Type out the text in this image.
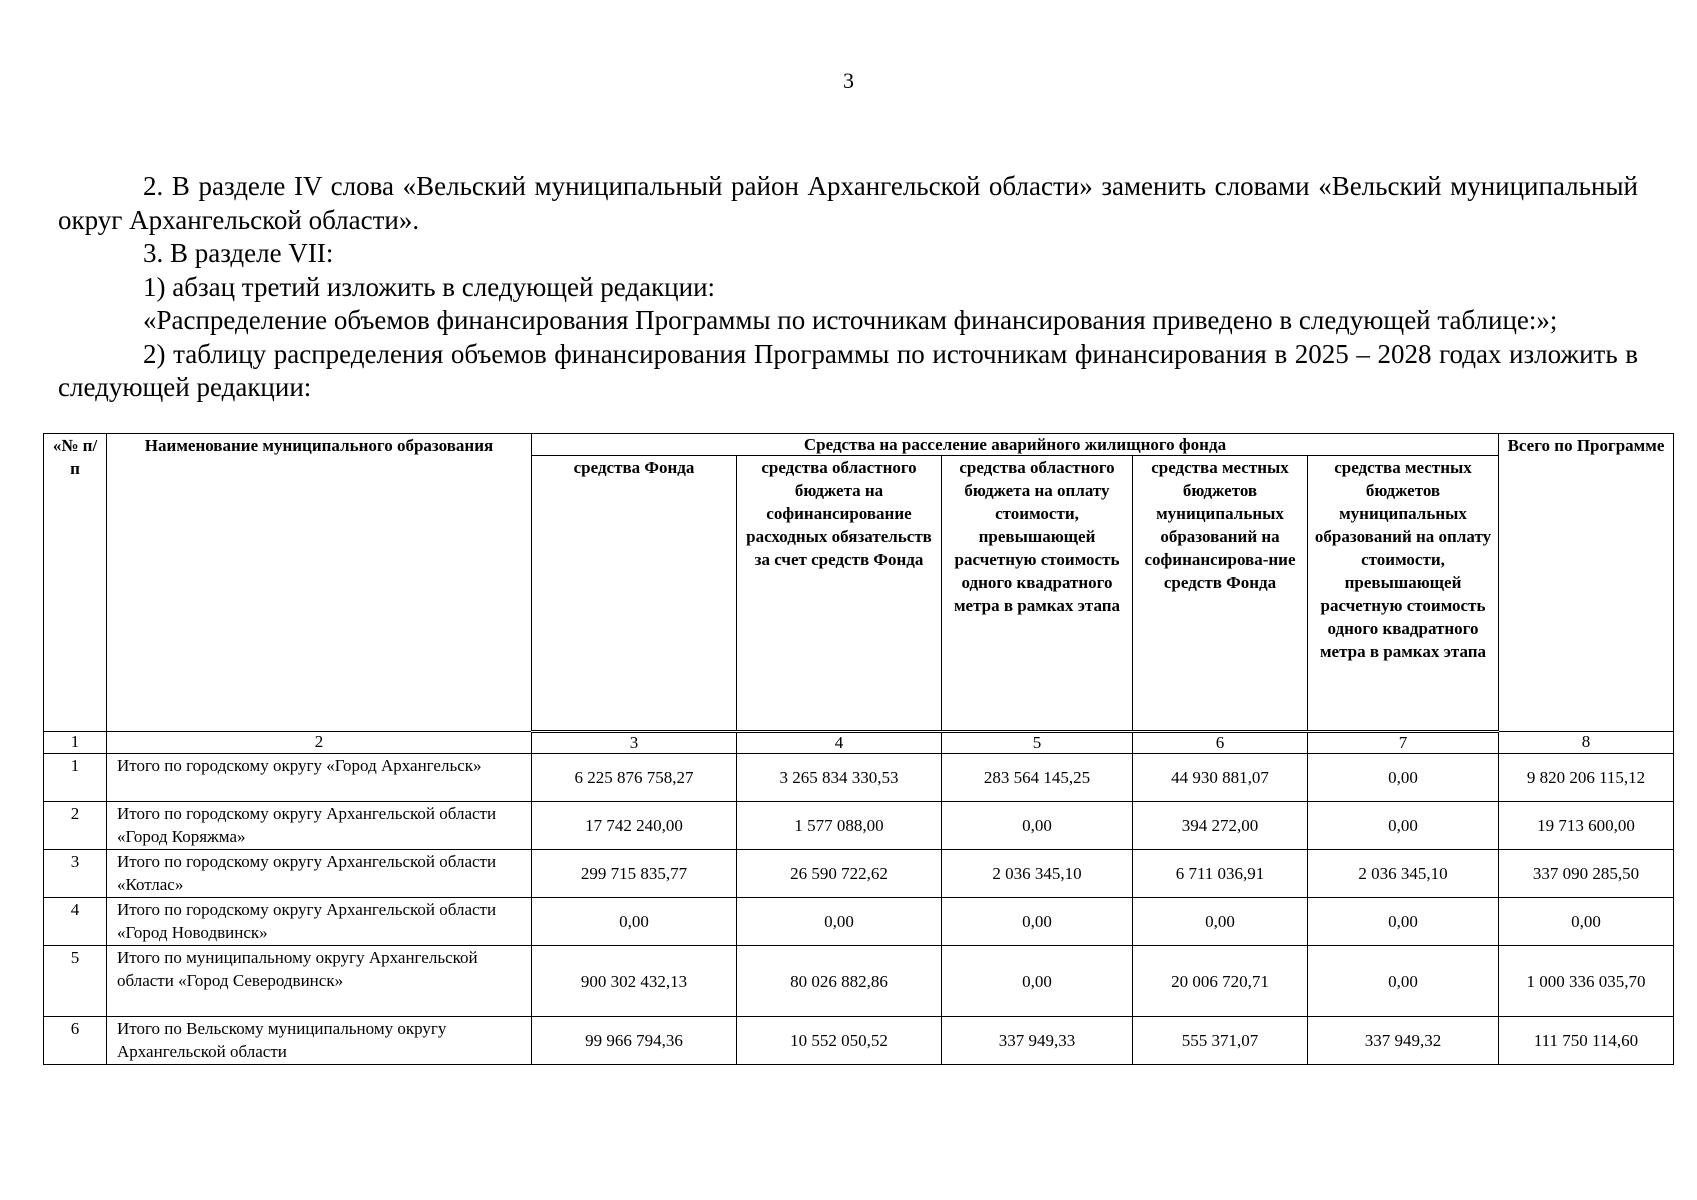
3

2. В разделе IV слова «Вельский муниципальный район Архангельской области» заменить словами «Вельский муниципальный округ Архангельской области».

3. В разделе VII:

1) абзац третий изложить в следующей редакции:

«Распределение объемов финансирования Программы по источникам финансирования приведено в следующей таблице:»;

2) таблицу распределения объемов финансирования Программы по источникам финансирования в 2025 – 2028 годах изложить в следующей редакции:

«№ п/п	Наименование муниципального образования	Средства на расселение аварийного жилищного фонда					Всего по Программе
		средства Фонда	средства областного бюджета на софинансирование расходных обязательств за счет средств Фонда	средства областного бюджета на оплату стоимости, превышающей расчетную стоимость одного квадратного метра в рамках этапа	средства местных бюджетов муниципальных образований на софинансирова-ние средств Фонда	средства местных бюджетов муниципальных образований на оплату стоимости, превышающей расчетную стоимость одного квадратного метра в рамках этапа	
1	2	3	4	5	6	7	8
1	Итого по городскому округу «Город Архангельск»	6 225 876 758,27	3 265 834 330,53	283 564 145,25	44 930 881,07	0,00	9 820 206 115,12
2	Итого по городскому округу Архангельской области «Город Коряжма»	17 742 240,00	1 577 088,00	0,00	394 272,00	0,00	19 713 600,00
3	Итого по городскому округу Архангельской области «Котлас»	299 715 835,77	26 590 722,62	2 036 345,10	6 711 036,91	2 036 345,10	337 090 285,50
4	Итого по городскому округу Архангельской области «Город Новодвинск»	0,00	0,00	0,00	0,00	0,00	0,00
5	Итого по муниципальному округу Архангельской области «Город Северодвинск»	900 302 432,13	80 026 882,86	0,00	20 006 720,71	0,00	1 000 336 035,70
6	Итого по Вельскому муниципальному округу Архангельской области	99 966 794,36	10 552 050,52	337 949,33	555 371,07	337 949,32	111 750 114,60
